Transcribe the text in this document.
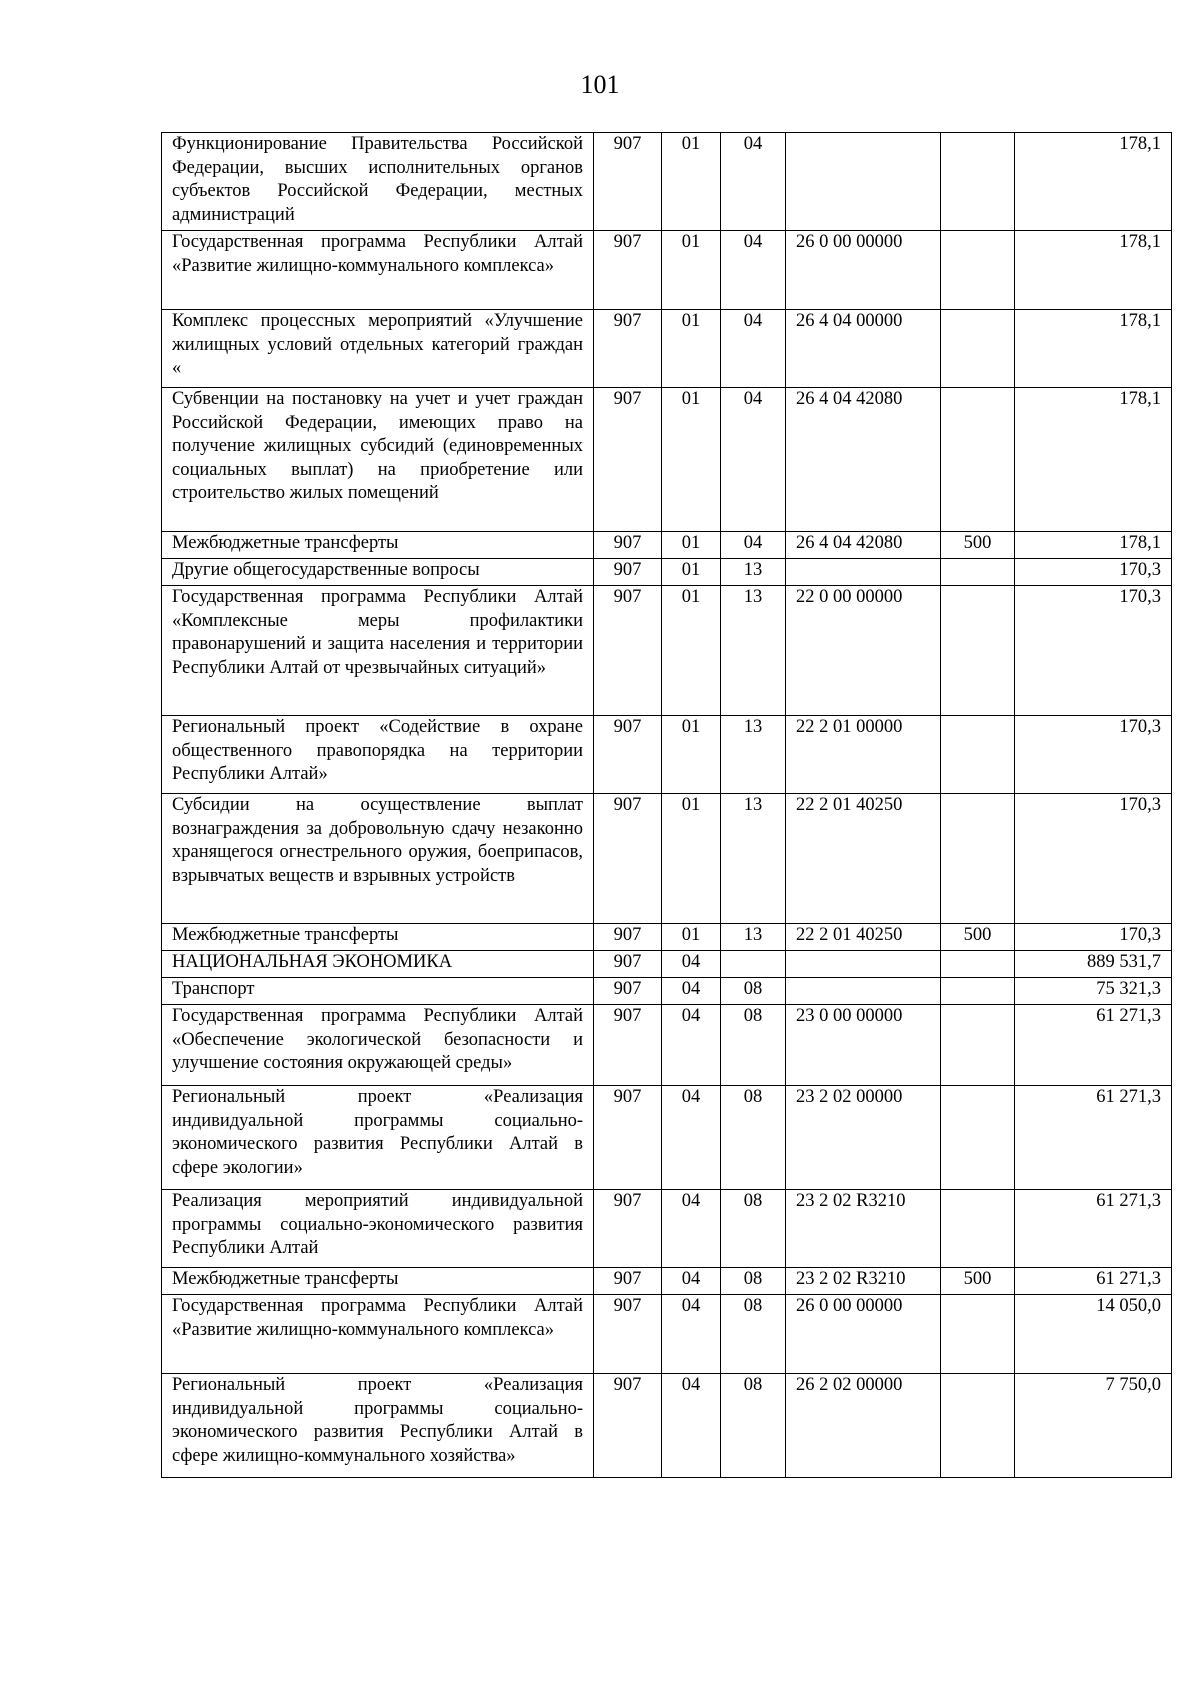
101
Функционирование Правительства Российской Федерации, высших исполнительных органов субъектов Российской Федерации, местных администраций	907	01	04			178,1
Государственная программа Республики Алтай «Развитие жилищно-коммунального комплекса»	907	01	04	26 0 00 00000		178,1
Комплекс процессных мероприятий «Улучшение жилищных условий отдельных категорий граждан «	907	01	04	26 4 04 00000		178,1
Субвенции на постановку на учет и учет граждан Российской Федерации, имеющих право на получение жилищных субсидий (единовременных социальных выплат) на приобретение или строительство жилых помещений	907	01	04	26 4 04 42080		178,1
Межбюджетные трансферты	907	01	04	26 4 04 42080	500	178,1
Другие общегосударственные вопросы	907	01	13			170,3
Государственная программа Республики Алтай «Комплексные меры профилактики правонарушений и защита населения и территории Республики Алтай от чрезвычайных ситуаций»	907	01	13	22 0 00 00000		170,3
Региональный проект «Содействие в охране общественного правопорядка на территории Республики Алтай»	907	01	13	22 2 01 00000		170,3
Субсидии на осуществление выплат вознаграждения за добровольную сдачу незаконно хранящегося огнестрельного оружия, боеприпасов, взрывчатых веществ и взрывных устройств	907	01	13	22 2 01 40250		170,3
Межбюджетные трансферты	907	01	13	22 2 01 40250	500	170,3
НАЦИОНАЛЬНАЯ ЭКОНОМИКА	907	04				889 531,7
Транспорт	907	04	08			75 321,3
Государственная программа Республики Алтай «Обеспечение экологической безопасности и улучшение состояния окружающей среды»	907	04	08	23 0 00 00000		61 271,3
Региональный проект «Реализация индивидуальной программы социально-экономического развития Республики Алтай в сфере экологии»	907	04	08	23 2 02 00000		61 271,3
Реализация мероприятий индивидуальной программы социально-экономического развития Республики Алтай	907	04	08	23 2 02 R3210		61 271,3
Межбюджетные трансферты	907	04	08	23 2 02 R3210	500	61 271,3
Государственная программа Республики Алтай «Развитие жилищно-коммунального комплекса»	907	04	08	26 0 00 00000		14 050,0
Региональный проект «Реализация индивидуальной программы социально-экономического развития Республики Алтай в сфере жилищно-коммунального хозяйства»	907	04	08	26 2 02 00000		7 750,0
